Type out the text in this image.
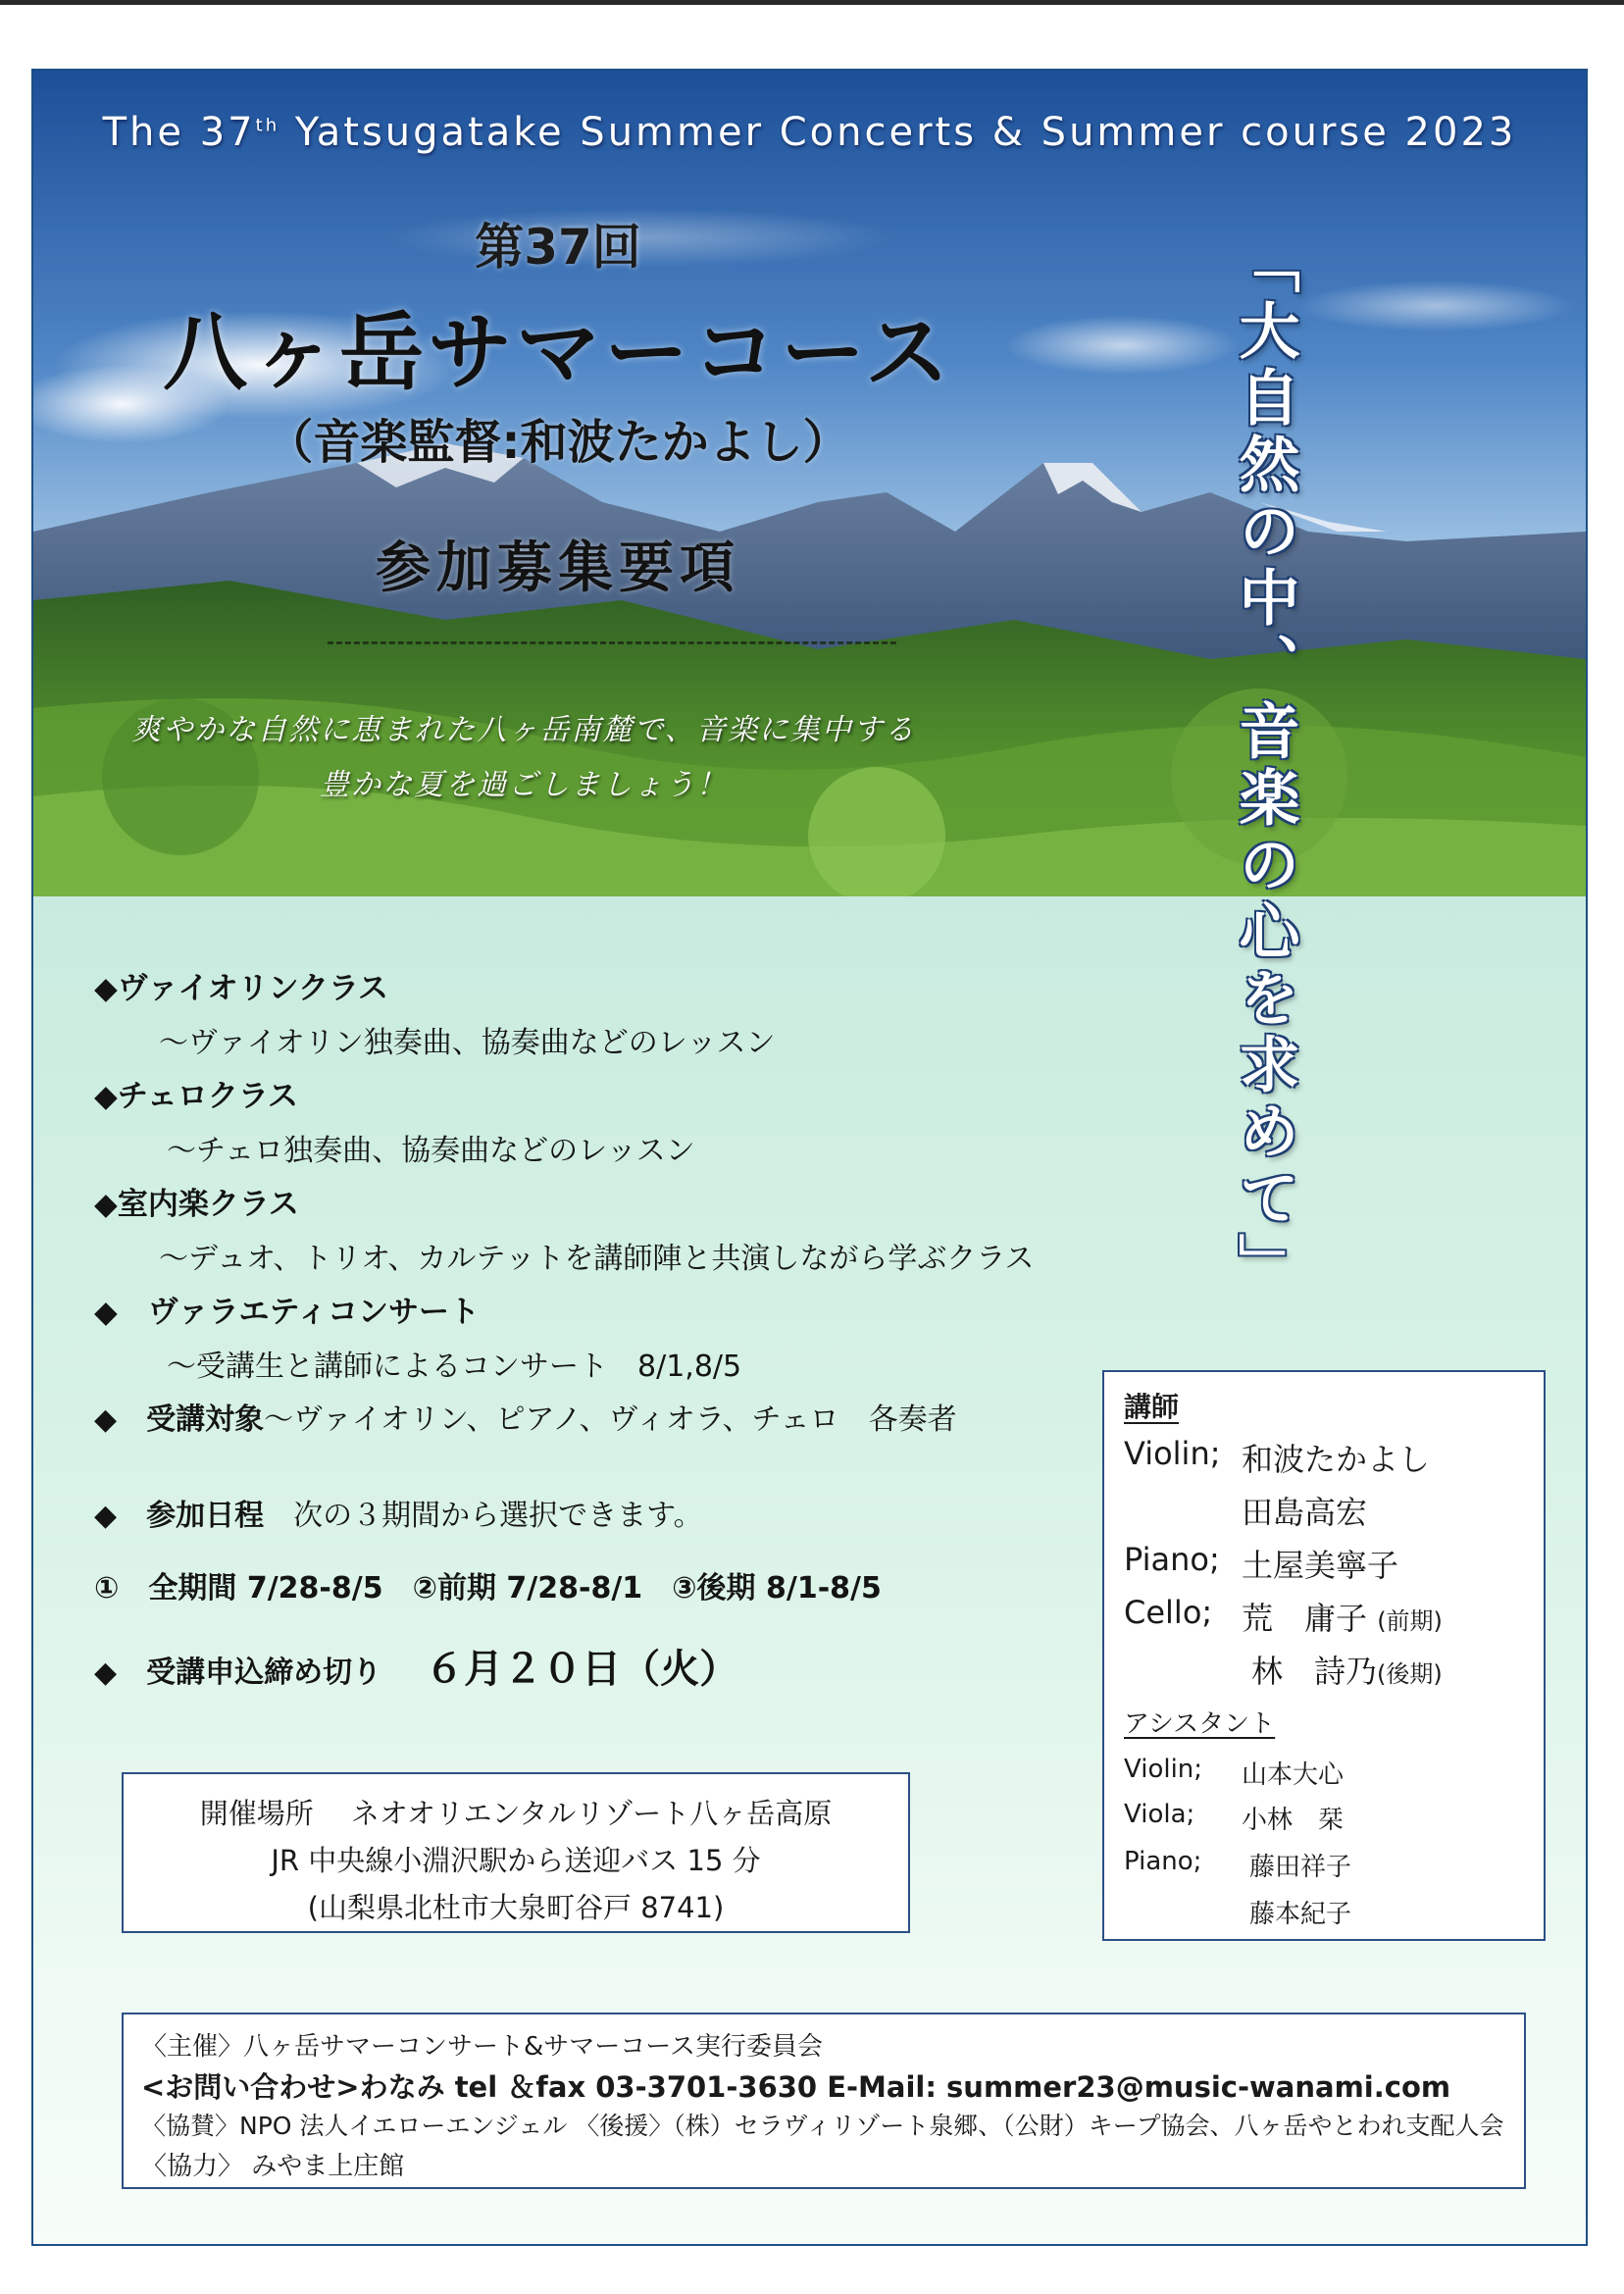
The 37th Yatsugatake Summer Concerts & Summer course 2023
第37回
八ヶ岳サマーコース
（音楽監督:和波たかよし）
参加募集要項
爽やかな自然に恵まれた八ヶ岳南麓で、音楽に集中する
豊かな夏を過ごしましょう！	「大自然の中、音楽の心を求めて」
◆ヴァイオリンクラス
～ヴァイオリン独奏曲、協奏曲などのレッスン
◆チェロクラス
～チェロ独奏曲、協奏曲などのレッスン
◆室内楽クラス
～デュオ、トリオ、カルテットを講師陣と共演しながら学ぶクラス
◆　ヴァラエティコンサート
～受講生と講師によるコンサート　8/1,8/5
◆　受講対象～ヴァイオリン、ピアノ、ヴィオラ、チェロ　各奏者
◆　参加日程　 次の３期間から選択できます。
①　全期間 7/28-8/5　②前期 7/28-8/1　③後期 8/1-8/5
◆　受講申込締め切り ６月２０日（火）
開催場所　 ネオオリエンタルリゾート八ヶ岳高原
JR 中央線小淵沢駅から送迎バス 15 分
(山梨県北杜市大泉町谷戸 8741)
講師
Violin; 和波たかよし
田島高宏
Piano; 土屋美寧子
Cello; 荒　庸子 (前期)
林　詩乃(後期)
アシスタント
Violin; 山本大心
Viola; 小林　栞
Piano; 藤田祥子
藤本紀子
〈主催〉八ヶ岳サマーコンサート&サマーコース実行委員会
<お問い合わせ>わなみ tel ＆fax 03-3701-3630 E-Mail: summer23@music-wanami.com
〈協賛〉NPO 法人イエローエンジェル 〈後援〉（株）セラヴィリゾート泉郷、（公財）キープ協会、八ヶ岳やとわれ支配人会
〈協力〉 みやま上庄館
